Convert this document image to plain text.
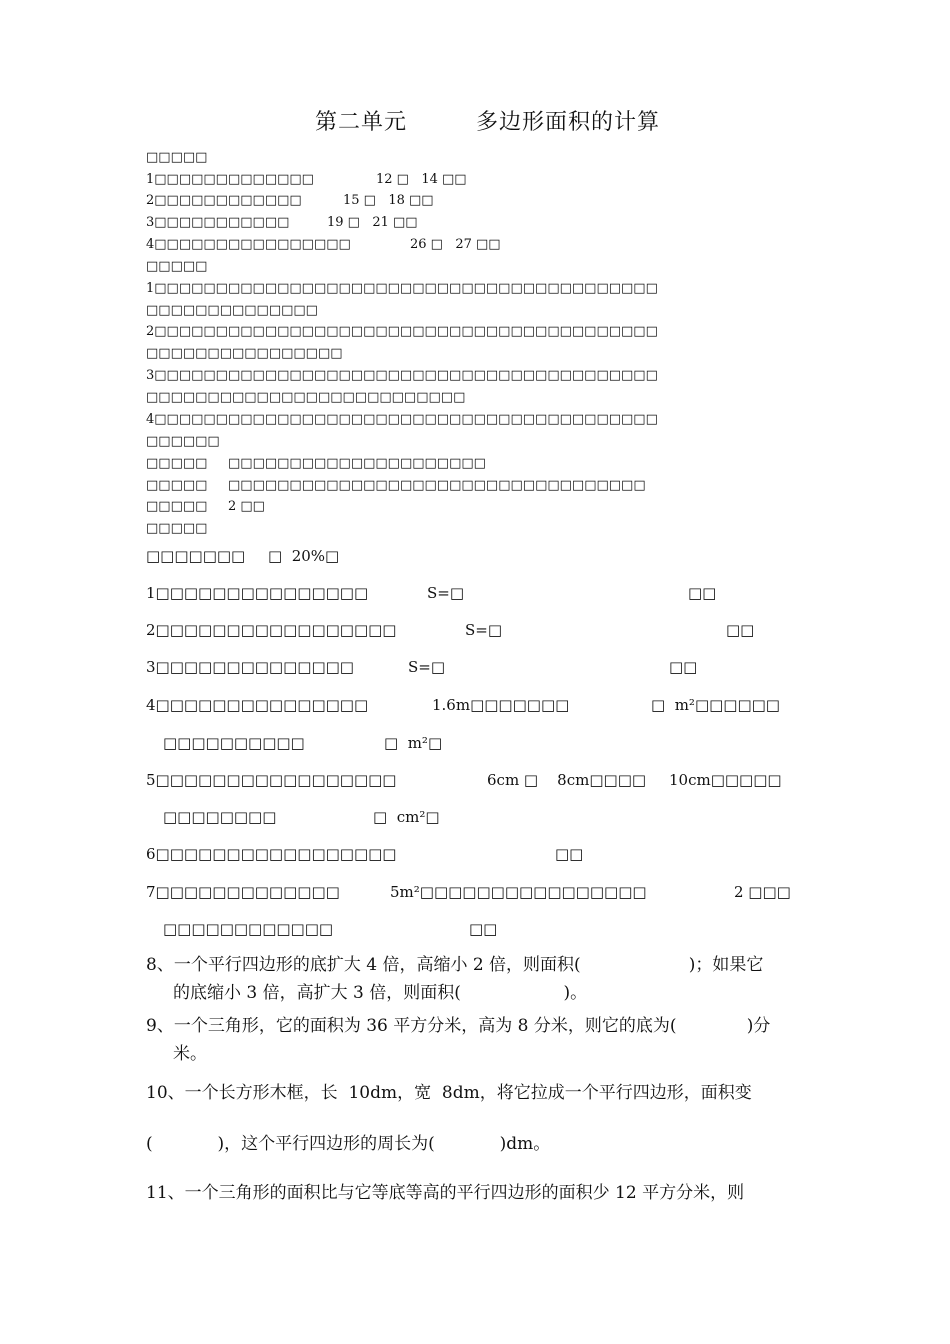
第二单元	多边形面积的计算
□□□□□
1□□□□□□□□□□□□□	12 □   14 □□
2□□□□□□□□□□□□	15 □   18 □□
3□□□□□□□□□□□	19 □   21 □□
4□□□□□□□□□□□□□□□□	26 □   27 □□
□□□□□
1□□□□□□□□□□□□□□□□□□□□□□□□□□□□□□□□□□□□□□□□□
□□□□□□□□□□□□□□
2□□□□□□□□□□□□□□□□□□□□□□□□□□□□□□□□□□□□□□□□□
□□□□□□□□□□□□□□□□
3□□□□□□□□□□□□□□□□□□□□□□□□□□□□□□□□□□□□□□□□□
□□□□□□□□□□□□□□□□□□□□□□□□□□
4□□□□□□□□□□□□□□□□□□□□□□□□□□□□□□□□□□□□□□□□□
□□□□□□
□□□□□ □□□□□□□□□□□□□□□□□□□□□
□□□□□ □□□□□□□□□□□□□□□□□□□□□□□□□□□□□□□□□□
□□□□□ 2 □□
□□□□□
□□□□□□□ □  20%□
1□□□□□□□□□□□□□□□	S=□	□□
2□□□□□□□□□□□□□□□□□	S=□	□□
3□□□□□□□□□□□□□□	S=□	□□
4□□□□□□□□□□□□□□□	1.6m□□□□□□□	□  m²□□□□□□
□□□□□□□□□□	□  m²□
5□□□□□□□□□□□□□□□□□	6cm □    8cm□□□□ 10cm□□□□□
□□□□□□□□	□  cm²□
6□□□□□□□□□□□□□□□□□	□□
7□□□□□□□□□□□□□	5m²□□□□□□□□□□□□□□□□	2 □□□
□□□□□□□□□□□□	□□
8、一个平行四边形的底扩大 4 倍，高缩小 2 倍，则面积(                    )；如果它
的底缩小 3 倍，高扩大 3 倍，则面积(                   )。
9、一个三角形，它的面积为 36 平方分米，高为 8 分米，则它的底为(             )分
米。
10、一个长方形木框，长  10dm，宽  8dm，将它拉成一个平行四边形，面积变
(            )，这个平行四边形的周长为(            )dm。
11、一个三角形的面积比与它等底等高的平行四边形的面积少 12 平方分米，则
